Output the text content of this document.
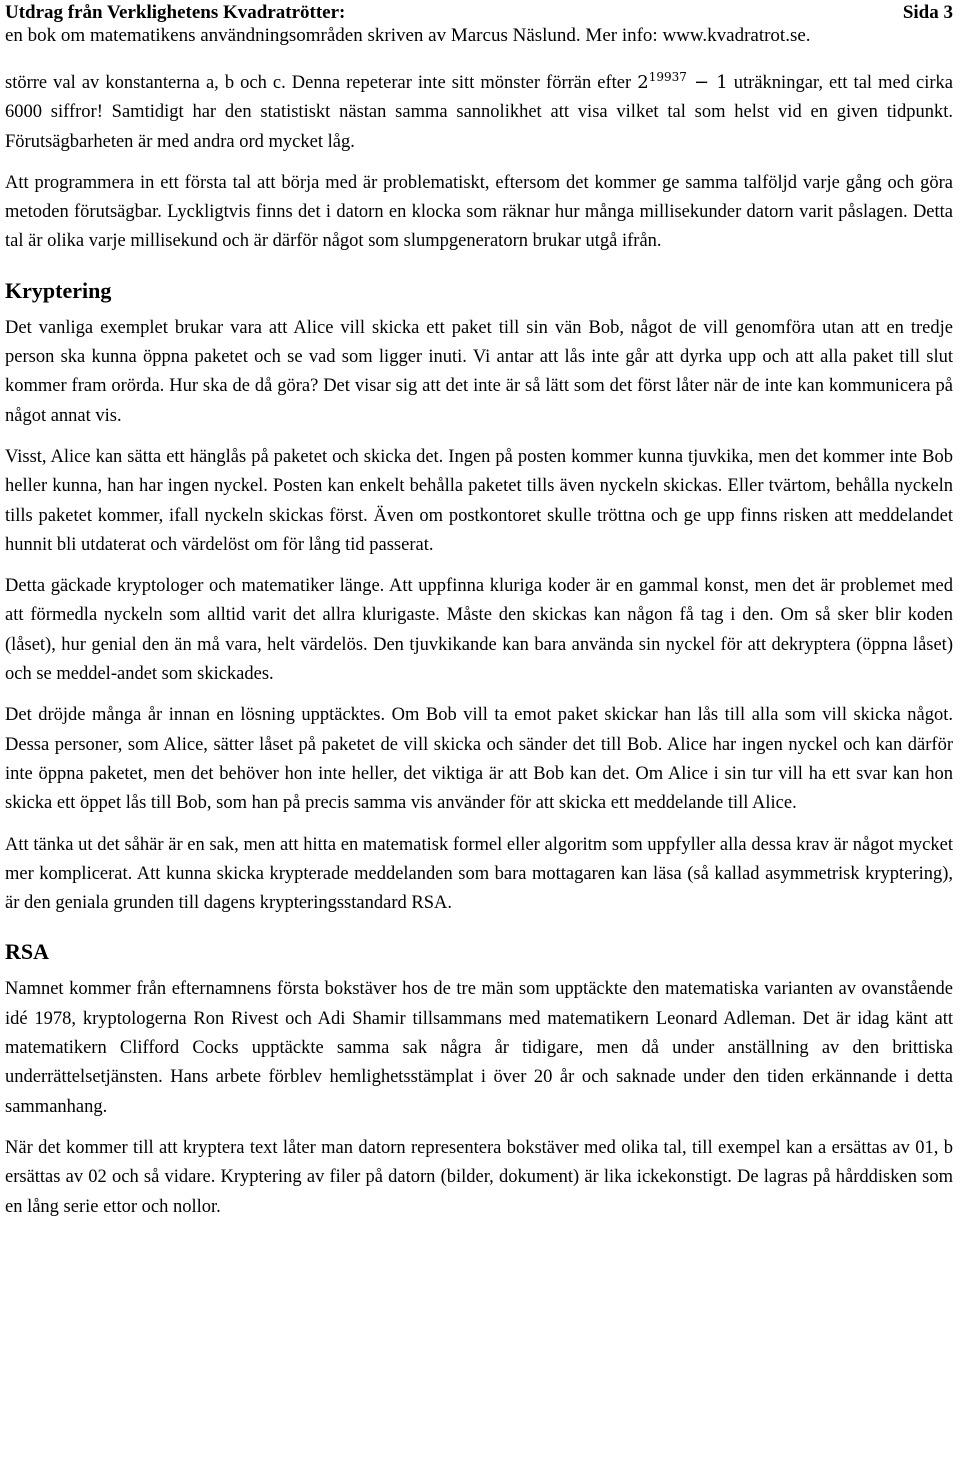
Utdrag från Verklighetens Kvadratrötter:	Sida 3
en bok om matematikens användningsområden skriven av Marcus Näslund. Mer info: www.kvadratrot.se.

större val av konstanterna a, b och c. Denna repeterar inte sitt mönster förrän efter $2^{19937} - 1$ uträkningar, ett tal med cirka 6000 siffror! Samtidigt har den statistiskt nästan samma sannolikhet att visa vilket tal som helst vid en given tidpunkt. Förutsägbarheten är med andra ord mycket låg.

Att programmera in ett första tal att börja med är problematiskt, eftersom det kommer ge samma talföljd varje gång och göra metoden förutsägbar. Lyckligtvis finns det i datorn en klocka som räknar hur många millisekunder datorn varit påslagen. Detta tal är olika varje millisekund och är därför något som slumpgeneratorn brukar utgå ifrån.

Kryptering

Det vanliga exemplet brukar vara att Alice vill skicka ett paket till sin vän Bob, något de vill genomföra utan att en tredje person ska kunna öppna paketet och se vad som ligger inuti. Vi antar att lås inte går att dyrka upp och att alla paket till slut kommer fram orörda. Hur ska de då göra? Det visar sig att det inte är så lätt som det först låter när de inte kan kommunicera på något annat vis.

Visst, Alice kan sätta ett hänglås på paketet och skicka det. Ingen på posten kommer kunna tjuvkika, men det kommer inte Bob heller kunna, han har ingen nyckel. Posten kan enkelt behålla paketet tills även nyckeln skickas. Eller tvärtom, behålla nyckeln tills paketet kommer, ifall nyckeln skickas först. Även om postkontoret skulle tröttna och ge upp finns risken att meddelandet hunnit bli utdaterat och värdelöst om för lång tid passerat.

Detta gäckade kryptologer och matematiker länge. Att uppfinna kluriga koder är en gammal konst, men det är problemet med att förmedla nyckeln som alltid varit det allra klurigaste. Måste den skickas kan någon få tag i den. Om så sker blir koden (låset), hur genial den än må vara, helt värdelös. Den tjuvkikande kan bara använda sin nyckel för att dekryptera (öppna låset) och se meddel-andet som skickades.

Det dröjde många år innan en lösning upptäcktes. Om Bob vill ta emot paket skickar han lås till alla som vill skicka något. Dessa personer, som Alice, sätter låset på paketet de vill skicka och sänder det till Bob. Alice har ingen nyckel och kan därför inte öppna paketet, men det behöver hon inte heller, det viktiga är att Bob kan det. Om Alice i sin tur vill ha ett svar kan hon skicka ett öppet lås till Bob, som han på precis samma vis använder för att skicka ett meddelande till Alice.

Att tänka ut det såhär är en sak, men att hitta en matematisk formel eller algoritm som uppfyller alla dessa krav är något mycket mer komplicerat. Att kunna skicka krypterade meddelanden som bara mottagaren kan läsa (så kallad asymmetrisk kryptering), är den geniala grunden till dagens krypteringsstandard RSA.

RSA

Namnet kommer från efternamnens första bokstäver hos de tre män som upptäckte den matematiska varianten av ovanstående idé 1978, kryptologerna Ron Rivest och Adi Shamir tillsammans med matematikern Leonard Adleman. Det är idag känt att matematikern Clifford Cocks upptäckte samma sak några år tidigare, men då under anställning av den brittiska underrättelsetjänsten. Hans arbete förblev hemlighetsstämplat i över 20 år och saknade under den tiden erkännande i detta sammanhang.

När det kommer till att kryptera text låter man datorn representera bokstäver med olika tal, till exempel kan a ersättas av 01, b ersättas av 02 och så vidare. Kryptering av filer på datorn (bilder, dokument) är lika ickekonstigt. De lagras på hårddisken som en lång serie ettor och nollor.
